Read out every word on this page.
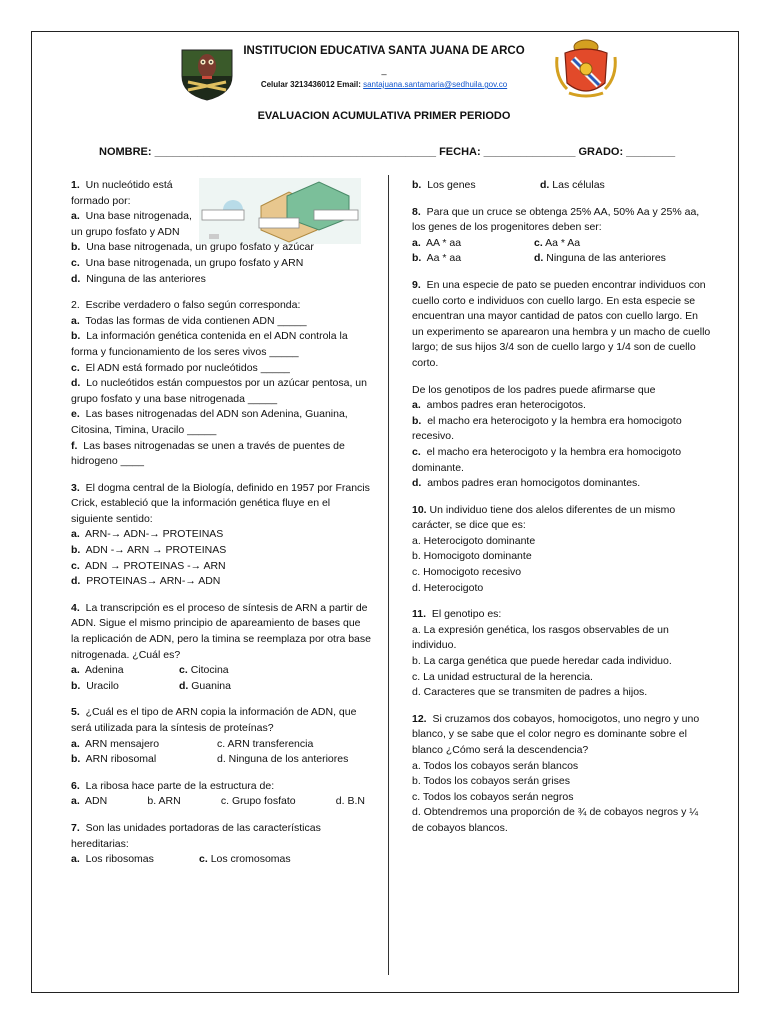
INSTITUCION EDUCATIVA SANTA JUANA DE ARCO
_
Celular 3213436012 Email: santajuana.santamaria@sedhuila.gov.co
EVALUACION ACUMULATIVA PRIMER PERIODO
NOMBRE: ______________________________________________ FECHA: _______________ GRADO: ________

1. Un nucleótido está formado por:

a. Una base nitrogenada, un grupo fosfato y ADN

b. Una base nitrogenada, un grupo fosfato y azúcar

c. Una base nitrogenada, un grupo fosfato y ARN

d. Ninguna de las anteriores

2. Escribe verdadero o falso según corresponda:

a. Todas las formas de vida contienen ADN _____

b. La información genética contenida en el ADN controla la forma y funcionamiento de los seres vivos _____

c. El ADN está formado por nucleótidos _____

d. Lo nucleótidos están compuestos por un azúcar pentosa, un grupo fosfato y una base nitrogenada _____

e. Las bases nitrogenadas del ADN son Adenina, Guanina, Citosina, Timina, Uracilo _____

f. Las bases nitrogenadas se unen a través de puentes de hidrogeno ____

3. El dogma central de la Biología, definido en 1957 por Francis Crick, estableció que la información genética fluye en el siguiente sentido:

a. ARN-→ ADN-→ PROTEINAS

b. ADN -→ ARN → PROTEINAS

c. ADN → PROTEINAS -→ ARN

d. PROTEINAS→ ARN-→ ADN

4. La transcripción es el proceso de síntesis de ARN a partir de ADN. Sigue el mismo principio de apareamiento de bases que la replicación de ADN, pero la timina se reemplaza por otra base nitrogenada. ¿Cuál es?

a. Adenina	c. Citocina

b. Uracilo	d. Guanina

5. ¿Cuál es el tipo de ARN copia la información de ADN, que será utilizada para la síntesis de proteínas?

a. ARN mensajero	c. ARN transferencia

b. ARN ribosomal	d. Ninguna de los anteriores

6. La ribosa hace parte de la estructura de:

a. ADN	b. ARN	c. Grupo fosfato	d. B.N

7. Son las unidades portadoras de las características hereditarias:

a. Los ribosomas	c. Los cromosomas

b. Los genes	d. Las células

8. Para que un cruce se obtenga 25% AA, 50% Aa y 25% aa, los genes de los progenitores deben ser:

a. AA * aa	c. Aa * Aa

b. Aa * aa	d. Ninguna de las anteriores

9. En una especie de pato se pueden encontrar individuos con cuello corto e individuos con cuello largo. En esta especie se encuentran una mayor cantidad de patos con cuello largo. En un experimento se aparearon una hembra y un macho de cuello largo; de sus hijos 3/4 son de cuello largo y 1/4 son de cuello corto.

De los genotipos de los padres puede afirmarse que

a. ambos padres eran heterocigotos.

b. el macho era heterocigoto y la hembra era homocigoto recesivo.

c. el macho era heterocigoto y la hembra era homocigoto dominante.

d. ambos padres eran homocigotos dominantes.

10. Un individuo tiene dos alelos diferentes de un mismo carácter, se dice que es:

a. Heterocigoto dominante

b. Homocigoto dominante

c. Homocigoto recesivo

d. Heterocigoto

11. El genotipo es:

a. La expresión genética, los rasgos observables de un individuo.

b. La carga genética que puede heredar cada individuo.

c. La unidad estructural de la herencia.

d. Caracteres que se transmiten de padres a hijos.

12. Si cruzamos dos cobayos, homocigotos, uno negro y uno blanco, y se sabe que el color negro es dominante sobre el blanco ¿Cómo será la descendencia?

a. Todos los cobayos serán blancos

b. Todos los cobayos serán grises

c. Todos los cobayos serán negros

d. Obtendremos una proporción de ¾ de cobayos negros y ¼ de cobayos blancos.
